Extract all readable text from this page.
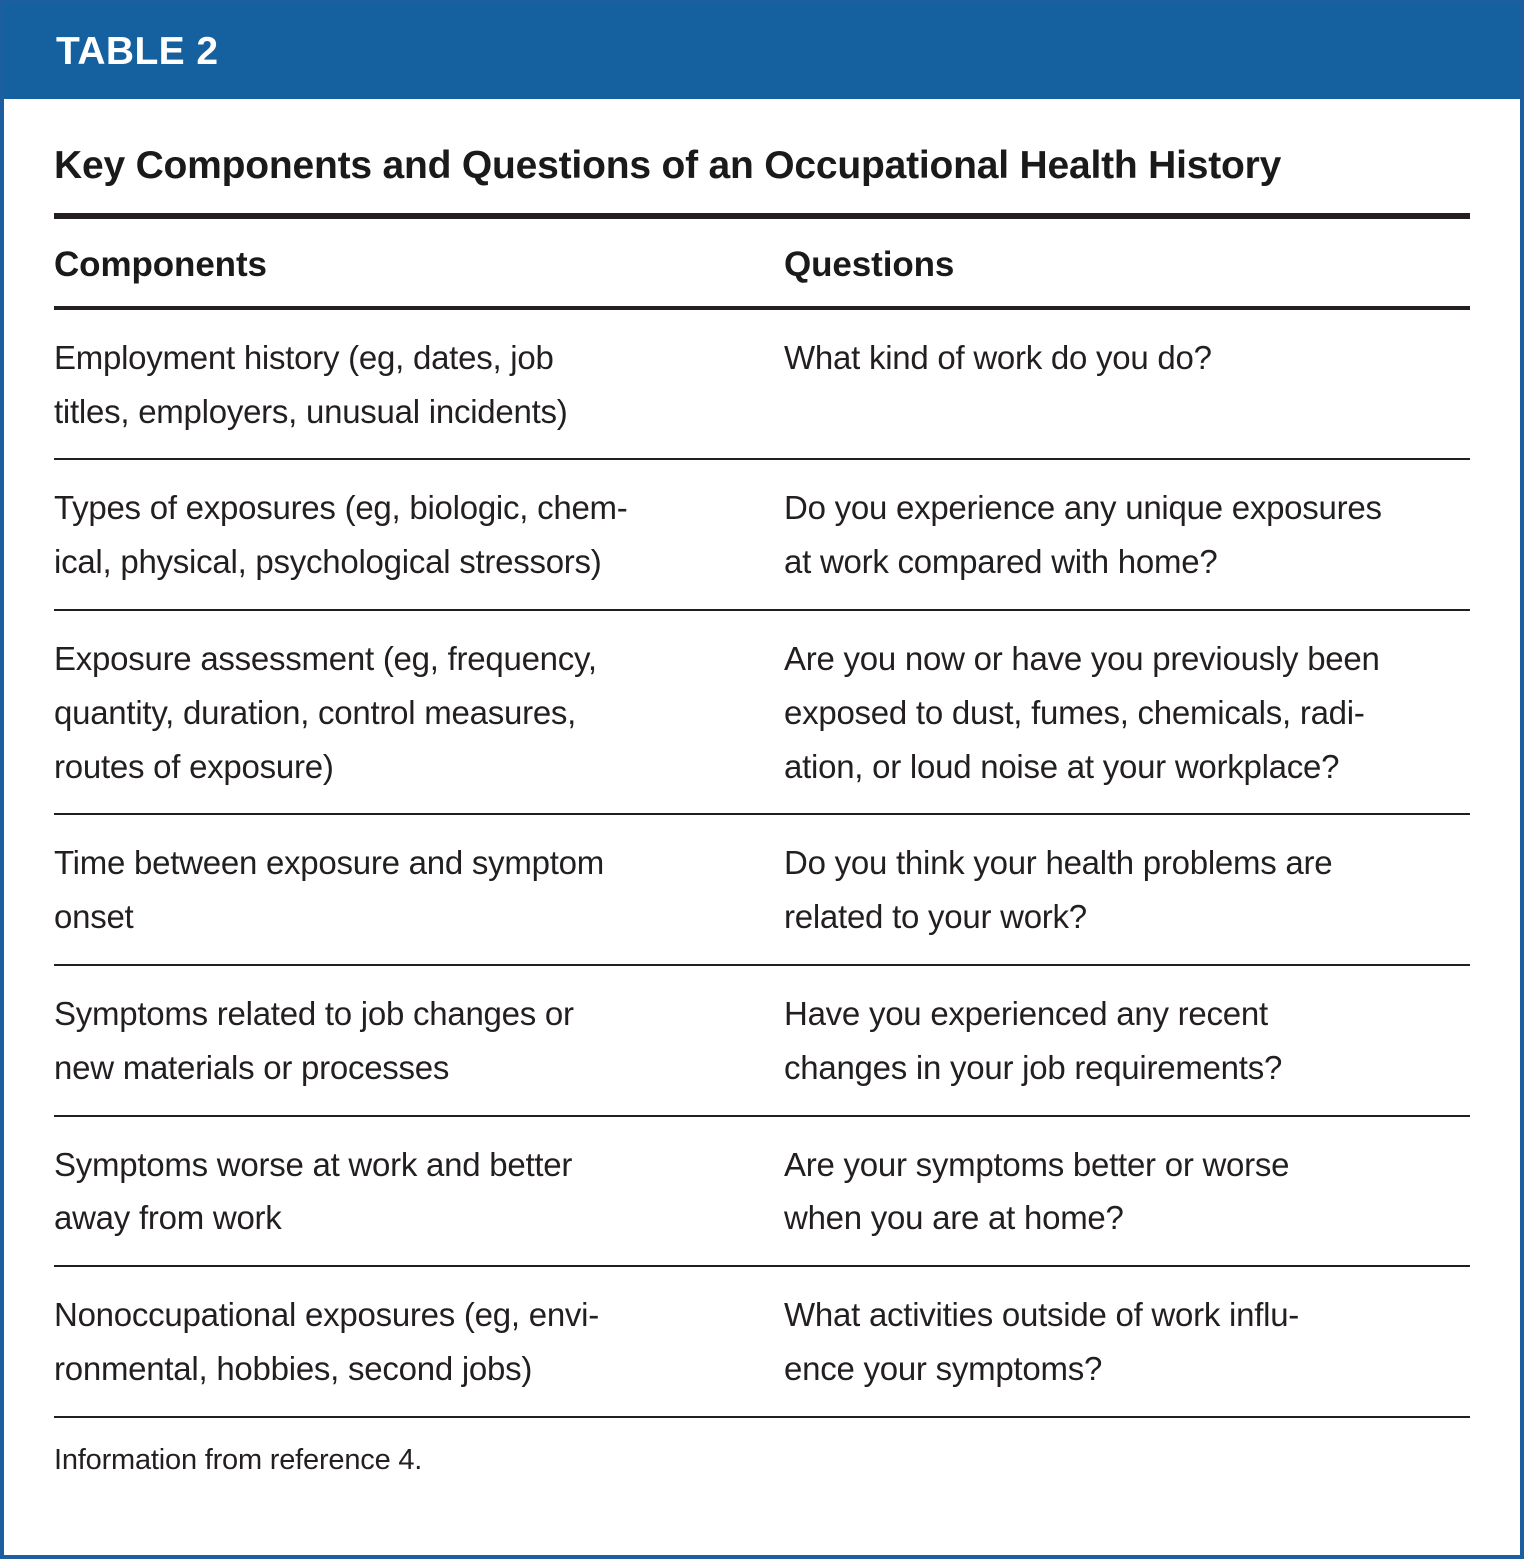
TABLE 2
Key Components and Questions of an Occupational Health History
Components	Questions
Employment history (eg, dates, job
titles, employers, unusual incidents)
What kind of work do you do?
Types of exposures (eg, biologic, chem-
ical, physical, psychological stressors)
Do you experience any unique exposures
at work compared with home?
Exposure assessment (eg, frequency,
quantity, duration, control measures,
routes of exposure)
Are you now or have you previously been
exposed to dust, fumes, chemicals, radi-
ation, or loud noise at your workplace?
Time between exposure and symptom
onset
Do you think your health problems are
related to your work?
Symptoms related to job changes or
new materials or processes
Have you experienced any recent
changes in your job requirements?
Symptoms worse at work and better
away from work
Are your symptoms better or worse
when you are at home?
Nonoccupational exposures (eg, envi-
ronmental, hobbies, second jobs)
What activities outside of work influ-
ence your symptoms?
Information from reference 4.
